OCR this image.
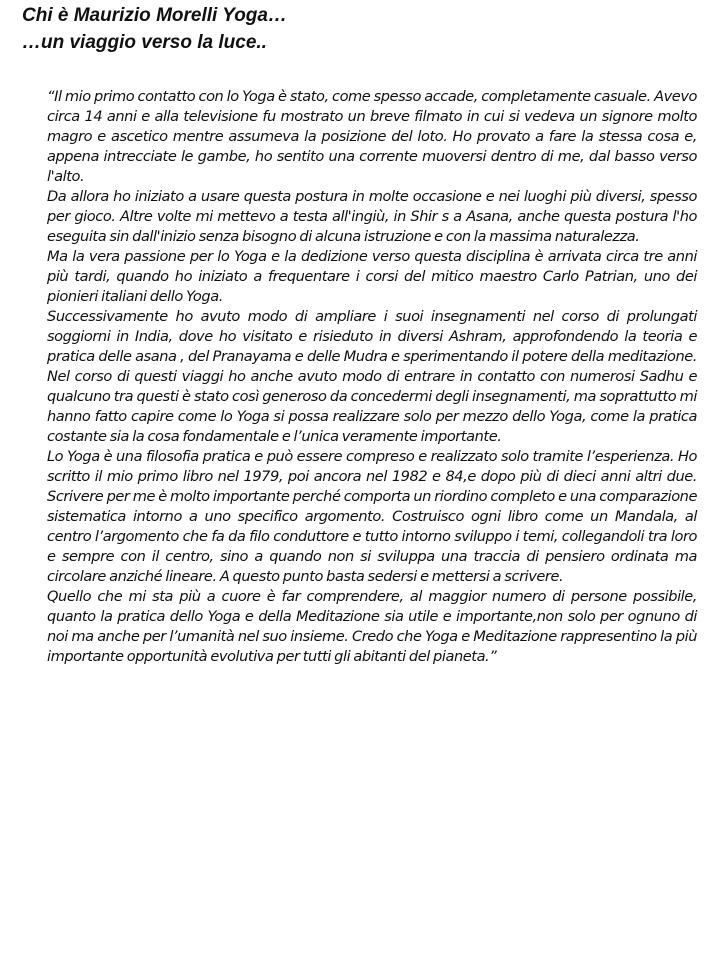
Chi è Maurizio Morelli Yoga…
…un viaggio verso la luce..

“Il mio primo contatto con lo Yoga è stato, come spesso accade, completamente casuale. Avevo circa 14 anni e alla televisione fu mostrato un breve filmato in cui si vedeva un signore molto magro e ascetico mentre assumeva la posizione del loto. Ho provato a fare la stessa cosa e, appena intrecciate le gambe, ho sentito una corrente muoversi dentro di me, dal basso verso l'alto.

Da allora ho iniziato a usare questa postura in molte occasione e nei luoghi più diversi, spesso per gioco. Altre volte mi mettevo a testa all'ingiù, in Shir s a Asana, anche questa postura l'ho eseguita sin dall'inizio senza bisogno di alcuna istruzione e con la massima naturalezza.

Ma la vera passione per lo Yoga e la dedizione verso questa disciplina è arrivata circa tre anni più tardi, quando ho iniziato a frequentare i corsi del mitico maestro Carlo Patrian, uno dei pionieri italiani dello Yoga.

Successivamente ho avuto modo di ampliare i suoi insegnamenti nel corso di prolungati soggiorni in India, dove ho visitato e risieduto in diversi Ashram, approfondendo la teoria e pratica delle asana , del Pranayama e delle Mudra e sperimentando il potere della meditazione. Nel corso di questi viaggi ho anche avuto modo di entrare in contatto con numerosi Sadhu e qualcuno tra questi è stato così generoso da concedermi degli insegnamenti, ma soprattutto mi hanno fatto capire come lo Yoga si possa realizzare solo per mezzo dello Yoga, come la pratica costante sia la cosa fondamentale e l’unica veramente importante.

Lo Yoga è una filosofia pratica e può essere compreso e realizzato solo tramite l’esperienza. Ho scritto il mio primo libro nel 1979, poi ancora nel 1982 e 84,e dopo più di dieci anni altri due. Scrivere per me è molto importante perché comporta un riordino completo e una comparazione sistematica intorno a uno specifico argomento. Costruisco ogni libro come un Mandala, al centro l’argomento che fa da filo conduttore e tutto intorno sviluppo i temi, collegandoli tra loro e sempre con il centro, sino a quando non si sviluppa una traccia di pensiero ordinata ma circolare anziché lineare. A questo punto basta sedersi e mettersi a scrivere.

Quello che mi sta più a cuore è far comprendere, al maggior numero di persone possibile, quanto la pratica dello Yoga e della Meditazione sia utile e importante,non solo per ognuno di noi ma anche per l’umanità nel suo insieme. Credo che Yoga e Meditazione rappresentino la più importante opportunità evolutiva per tutti gli abitanti del pianeta.”
